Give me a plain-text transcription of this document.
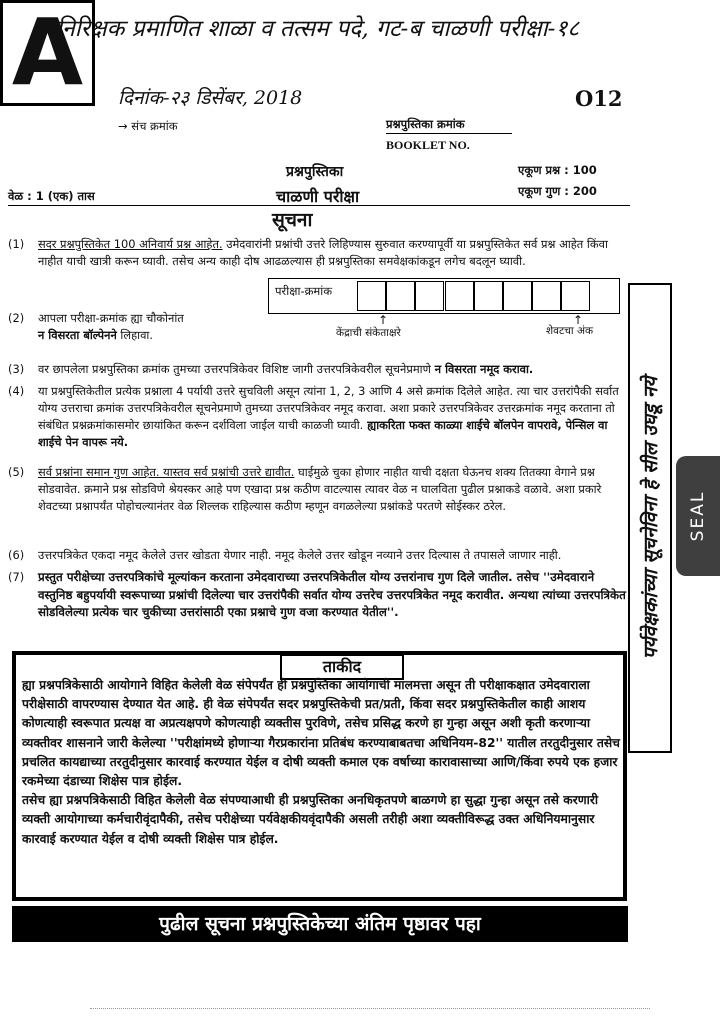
निरिक्षक प्रमाणित शाळा व तत्सम पदे, गट-ब चाळणी परीक्षा-१८
A दिनांक-२३ डिसेंबर, 2018	O12
→ संच क्रमांक	प्रश्नपुस्तिका क्रमांक
BOOKLET NO.
प्रश्नपुस्तिका
चाळणी परीक्षा
एकूण प्रश्न : 100
एकूण गुण : 200
वेळ : 1 (एक) तास
सूचना
(1) सदर प्रश्नपुस्तिकेत 100 अनिवार्य प्रश्न आहेत. उमेदवारांनी प्रश्नांची उत्तरे लिहिण्यास सुरुवात करण्यापूर्वी या प्रश्नपुस्तिकेत सर्व प्रश्न आहेत किंवा नाहीत याची खात्री करून घ्यावी. तसेच अन्य काही दोष आढळल्यास ही प्रश्नपुस्तिका समवेक्षकांकडून लगेच बदलून घ्यावी.
परीक्षा-क्रमांक
↑	↑
केंद्राची संकेताक्षरे	शेवटचा अंक
(2) आपला परीक्षा-क्रमांक ह्या चौकोनांत
न विसरता बॉल्पेनने लिहावा.
(3) वर छापलेला प्रश्नपुस्तिका क्रमांक तुमच्या उत्तरपत्रिकेवर विशिष्ट जागी उत्तरपत्रिकेवरील सूचनेप्रमाणे न विसरता नमूद करावा.
(4) या प्रश्नपुस्तिकेतील प्रत्येक प्रश्नाला 4 पर्यायी उत्तरे सुचविली असून त्यांना 1, 2, 3 आणि 4 असे क्रमांक दिलेले आहेत. त्या चार उत्तरांपैकी सर्वात योग्य उत्तराचा क्रमांक उत्तरपत्रिकेवरील सूचनेप्रमाणे तुमच्या उत्तरपत्रिकेवर नमूद करावा. अशा प्रकारे उत्तरपत्रिकेवर उत्तरक्रमांक नमूद करताना तो संबंधित प्रश्नक्रमांकासमोर छायांकित करून दर्शविला जाईल याची काळजी घ्यावी. ह्याकरिता फक्त काळ्या शाईचे बॉलपेन वापरावे, पेन्सिल वा शाईचे पेन वापरू नये.
(5) सर्व प्रश्नांना समान गुण आहेत. यास्तव सर्व प्रश्नांची उत्तरे द्यावीत. घाईमुळे चुका होणार नाहीत याची दक्षता घेऊनच शक्य तितक्या वेगाने प्रश्न सोडवावेत. क्रमाने प्रश्न सोडविणे श्रेयस्कर आहे पण एखादा प्रश्न कठीण वाटल्यास त्यावर वेळ न घालविता पुढील प्रश्नाकडे वळावे. अशा प्रकारे शेवटच्या प्रश्नापर्यंत पोहोचल्यानंतर वेळ शिल्लक राहिल्यास कठीण म्हणून वगळलेल्या प्रश्नांकडे परतणे सोईस्कर ठरेल.
(6) उत्तरपत्रिकेत एकदा नमूद केलेले उत्तर खोडता येणार नाही. नमूद केलेले उत्तर खोडून नव्याने उत्तर दिल्यास ते तपासले जाणार नाही.
(7) प्रस्तुत परीक्षेच्या उत्तरपत्रिकांचे मूल्यांकन करताना उमेदवाराच्या उत्तरपत्रिकेतील योग्य उत्तरांनाच गुण दिले जातील. तसेच ''उमेदवाराने वस्तुनिष्ठ बहुपर्यायी स्वरूपाच्या प्रश्नांची दिलेल्या चार उत्तरांपैकी सर्वात योग्य उत्तरेच उत्तरपत्रिकेत नमूद करावीत. अन्यथा त्यांच्या उत्तरपत्रिकेत सोडविलेल्या प्रत्येक चार चुकीच्या उत्तरांसाठी एका प्रश्नाचे गुण वजा करण्यात येतील''.
ताकीद
ह्या प्रश्नपत्रिकेसाठी आयोगाने विहित केलेली वेळ संपेपर्यंत ही प्रश्नपुस्तिका आयोगाची मालमत्ता असून ती परीक्षाकक्षात उमेदवाराला परीक्षेसाठी वापरण्यास देण्यात येत आहे. ही वेळ संपेपर्यंत सदर प्रश्नपुस्तिकेची प्रत/प्रती, किंवा सदर प्रश्नपुस्तिकेतील काही आशय कोणत्याही स्वरूपात प्रत्यक्ष वा अप्रत्यक्षपणे कोणत्याही व्यक्तीस पुरविणे, तसेच प्रसिद्ध करणे हा गुन्हा असून अशी कृती करणाऱ्या व्यक्तीवर शासनाने जारी केलेल्या ''परीक्षांमध्ये होणाऱ्या गैरप्रकारांना प्रतिबंध करण्याबाबतचा अधिनियम-82'' यातील तरतुदीनुसार तसेच प्रचलित कायद्याच्या तरतुदीनुसार कारवाई करण्यात येईल व दोषी व्यक्ती कमाल एक वर्षाच्या कारावासाच्या आणि/किंवा रुपये एक हजार रकमेच्या दंडाच्या शिक्षेस पात्र होईल.
तसेच ह्या प्रश्नपत्रिकेसाठी विहित केलेली वेळ संपण्याआधी ही प्रश्नपुस्तिका अनधिकृतपणे बाळगणे हा सुद्धा गुन्हा असून तसे करणारी व्यक्ती आयोगाच्या कर्मचारीवृंदापैकी, तसेच परीक्षेच्या पर्यवेक्षकीयवृंदापैकी असली तरीही अशा व्यक्तीविरूद्ध उक्त अधिनियमानुसार कारवाई करण्यात येईल व दोषी व्यक्ती शिक्षेस पात्र होईल.
पुढील सूचना प्रश्नपुस्तिकेच्या अंतिम पृष्ठावर पहा
पर्यवेक्षकांच्या सूचनेविना हे सील उघडू नये SEAL
